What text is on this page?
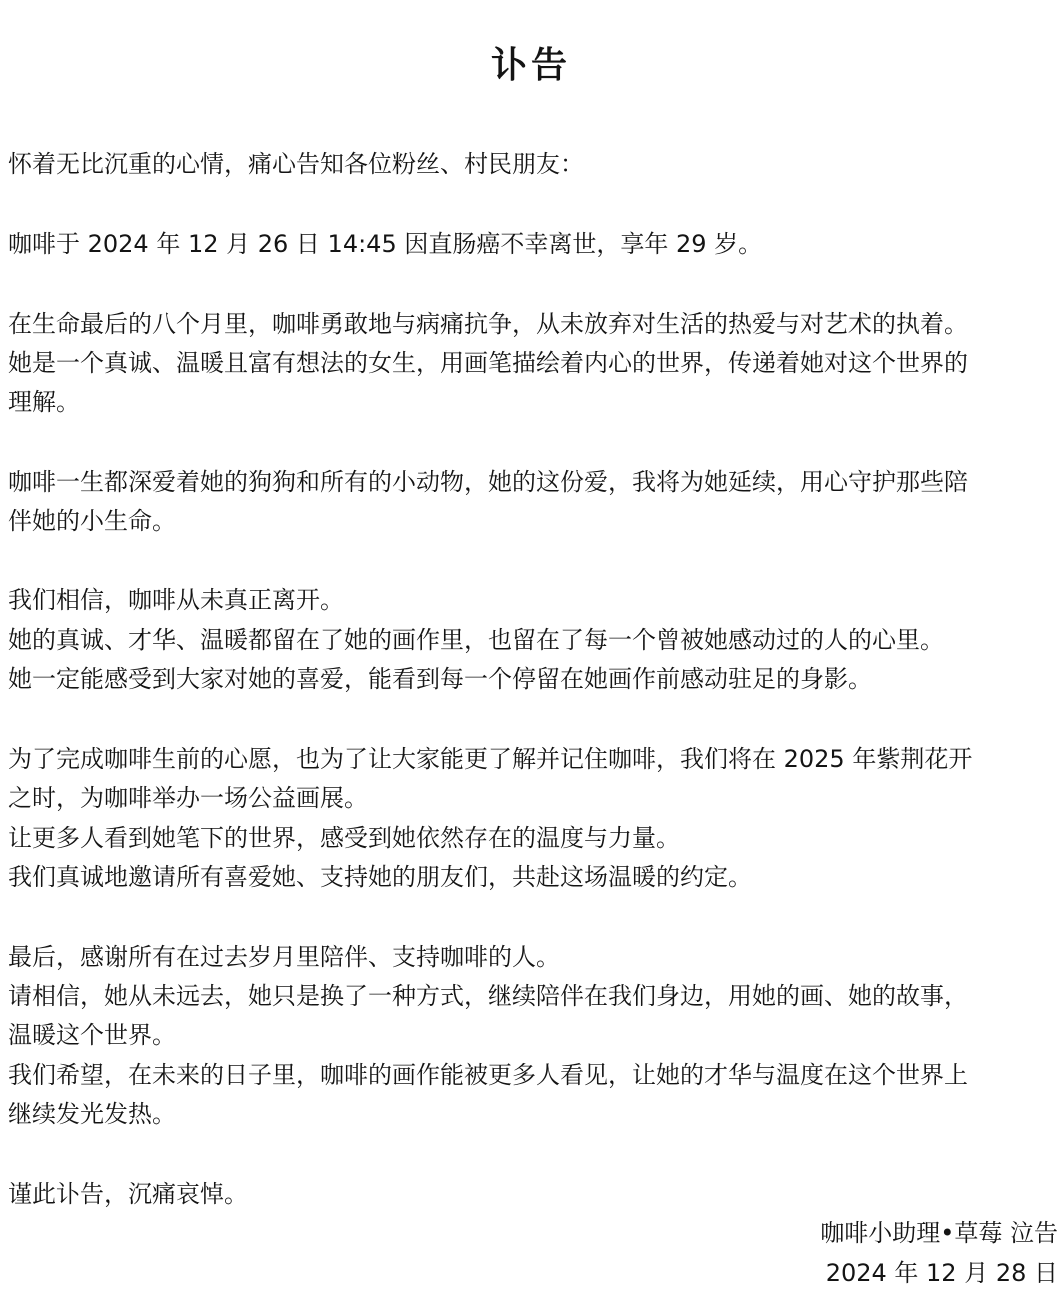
讣告
怀着无比沉重的心情，痛心告知各位粉丝、村民朋友：
咖啡于 2024 年 12 月 26 日 14:45 因直肠癌不幸离世，享年 29 岁。
在生命最后的八个月里，咖啡勇敢地与病痛抗争，从未放弃对生活的热爱与对艺术的执着。
她是一个真诚、温暖且富有想法的女生，用画笔描绘着内心的世界，传递着她对这个世界的
理解。
咖啡一生都深爱着她的狗狗和所有的小动物，她的这份爱，我将为她延续，用心守护那些陪
伴她的小生命。
我们相信，咖啡从未真正离开。
她的真诚、才华、温暖都留在了她的画作里，也留在了每一个曾被她感动过的人的心里。
她一定能感受到大家对她的喜爱，能看到每一个停留在她画作前感动驻足的身影。
为了完成咖啡生前的心愿，也为了让大家能更了解并记住咖啡，我们将在 2025 年紫荆花开
之时，为咖啡举办一场公益画展。
让更多人看到她笔下的世界，感受到她依然存在的温度与力量。
我们真诚地邀请所有喜爱她、支持她的朋友们，共赴这场温暖的约定。
最后，感谢所有在过去岁月里陪伴、支持咖啡的人。
请相信，她从未远去，她只是换了一种方式，继续陪伴在我们身边，用她的画、她的故事，
温暖这个世界。
我们希望，在未来的日子里，咖啡的画作能被更多人看见，让她的才华与温度在这个世界上
继续发光发热。
谨此讣告，沉痛哀悼。
咖啡小助理•草莓 泣告
2024 年 12 月 28 日
